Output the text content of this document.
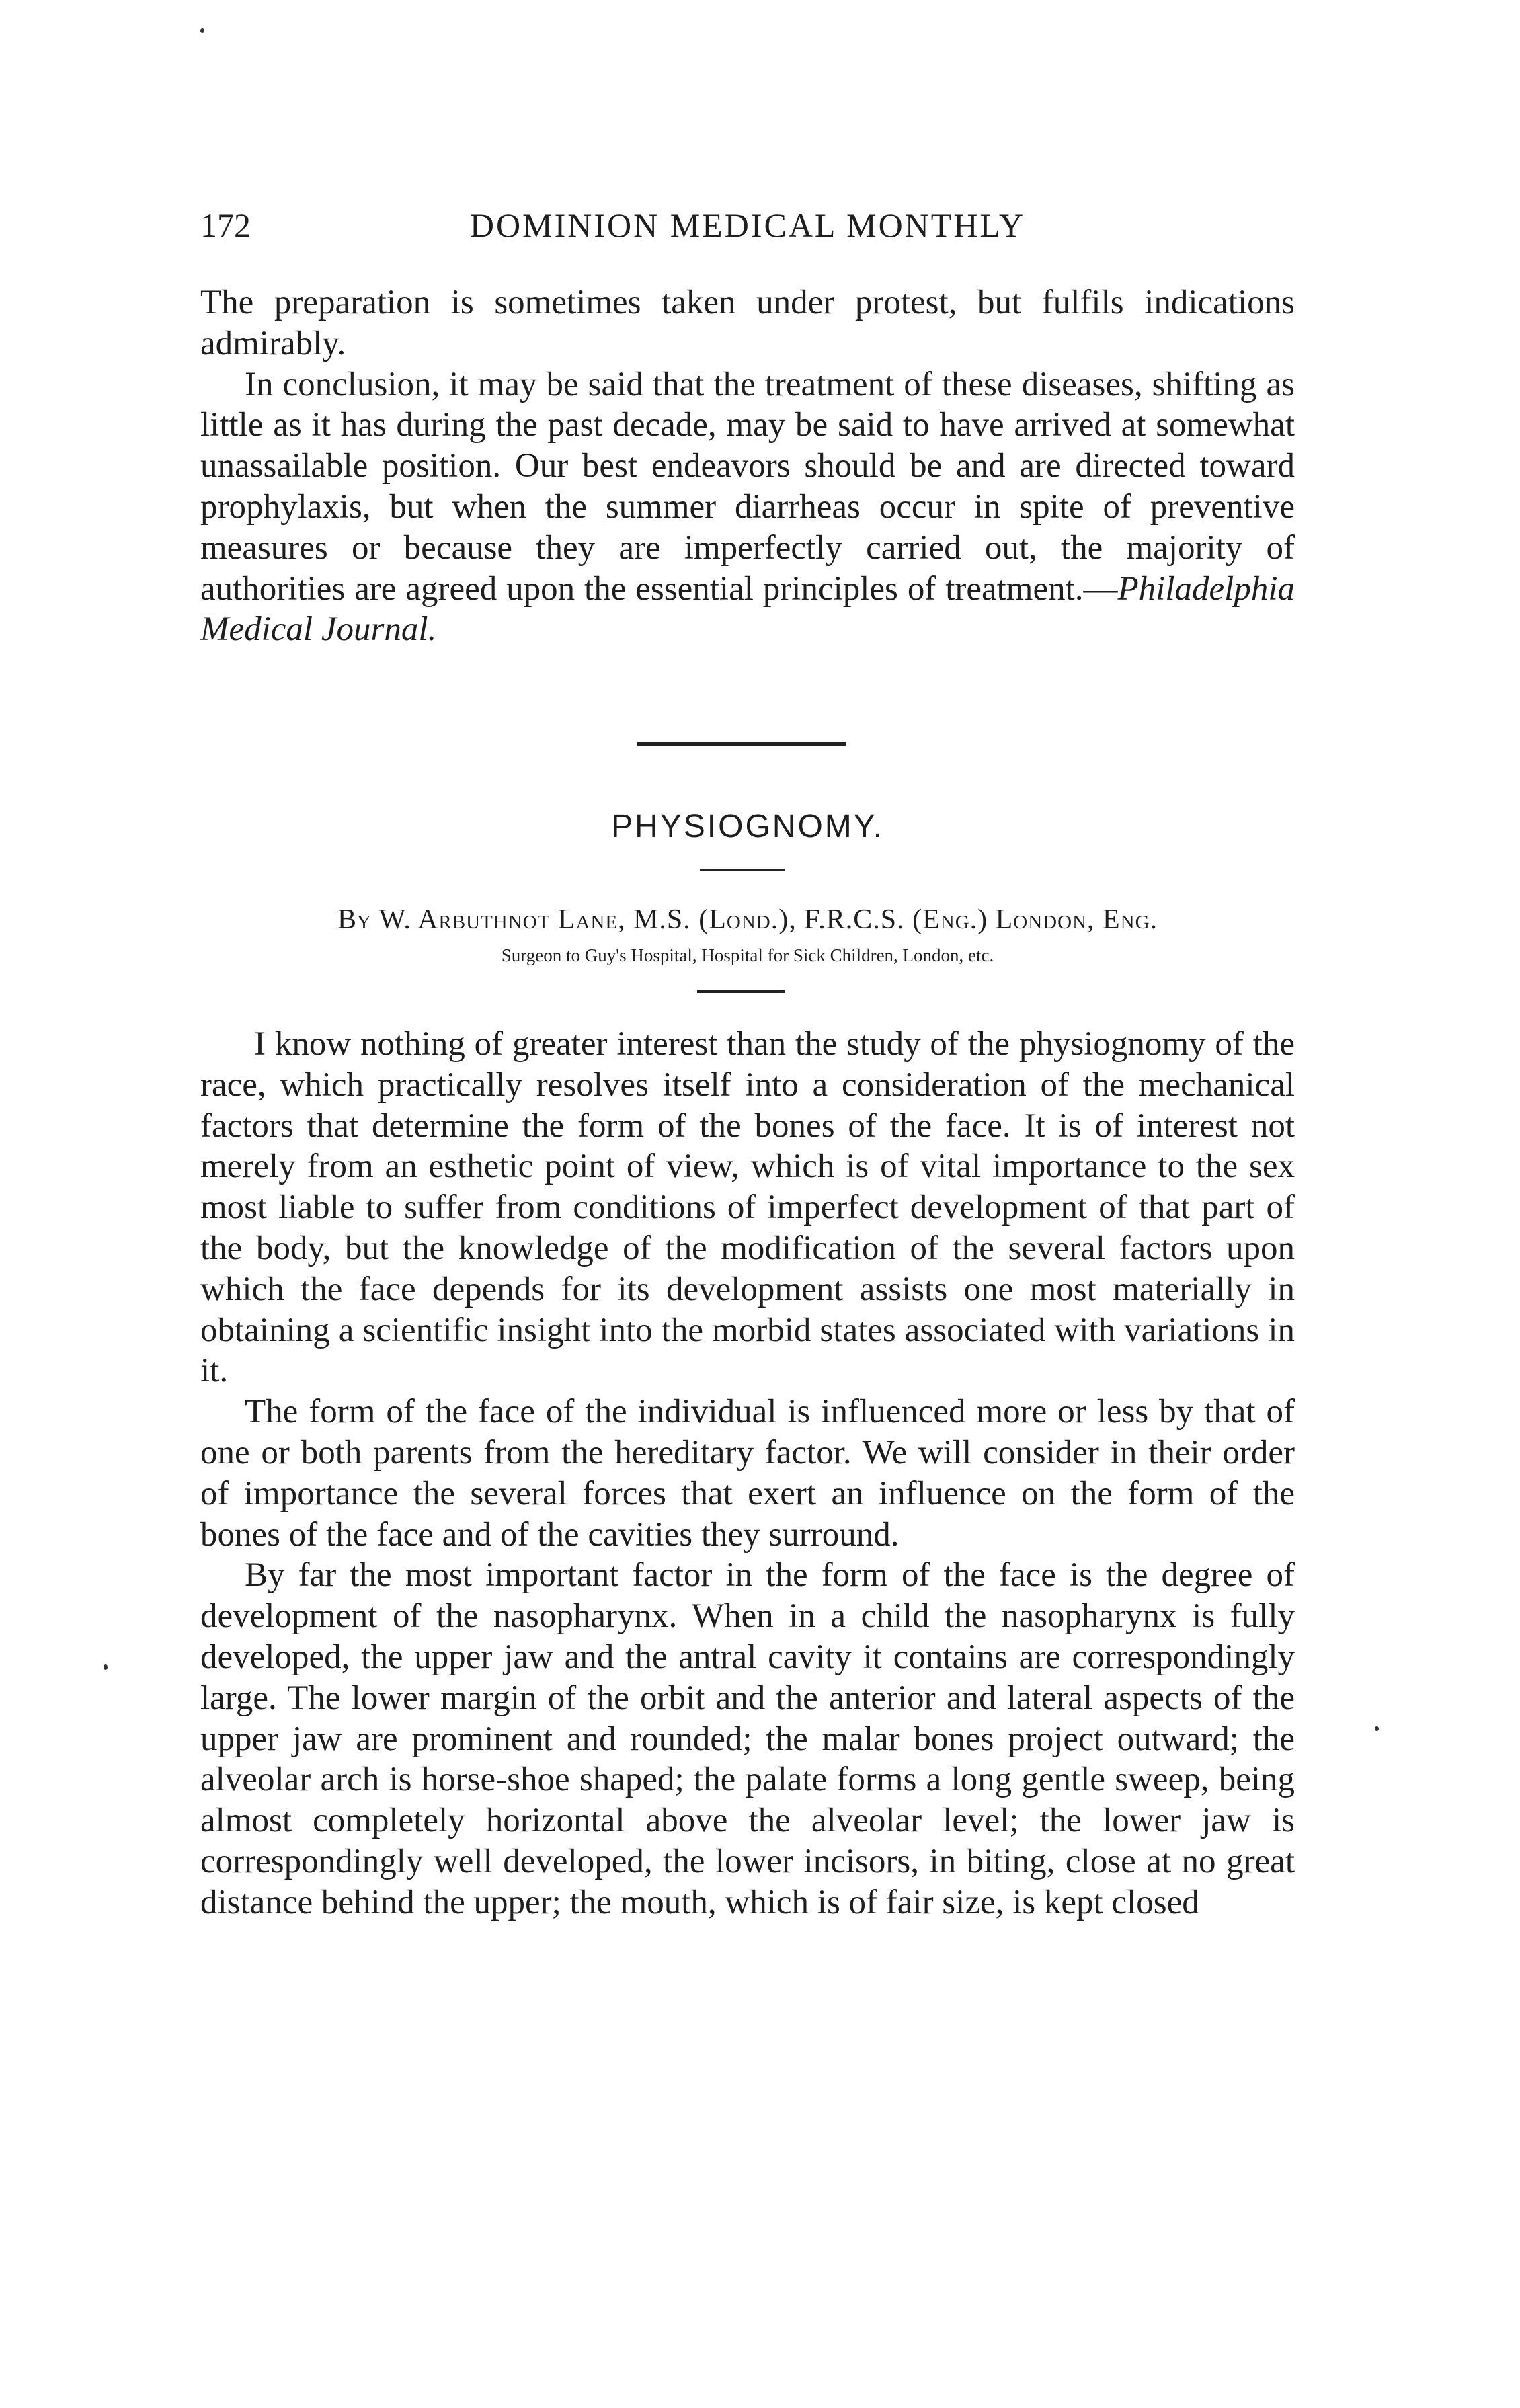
172	DOMINION MEDICAL MONTHLY

The preparation is sometimes taken under protest, but fulfils indications admirably.

In conclusion, it may be said that the treatment of these diseases, shifting as little as it has during the past decade, may be said to have arrived at somewhat unassailable position. Our best endeavors should be and are directed toward prophylaxis, but when the summer diarrheas occur in spite of preventive measures or because they are imperfectly carried out, the majority of authorities are agreed upon the essential principles of treatment.—Philadelphia Medical Journal.

PHYSIOGNOMY.
By W. Arbuthnot Lane, M.S. (Lond.), F.R.C.S. (Eng.) London, Eng.
Surgeon to Guy's Hospital, Hospital for Sick Children, London, etc.

I know nothing of greater interest than the study of the physiognomy of the race, which practically resolves itself into a consideration of the mechanical factors that determine the form of the bones of the face. It is of interest not merely from an esthetic point of view, which is of vital importance to the sex most liable to suffer from conditions of imperfect development of that part of the body, but the knowledge of the modification of the several factors upon which the face depends for its development assists one most materially in obtaining a scientific insight into the morbid states associated with variations in it.

The form of the face of the individual is influenced more or less by that of one or both parents from the hereditary factor. We will consider in their order of importance the several forces that exert an influence on the form of the bones of the face and of the cavities they surround.

By far the most important factor in the form of the face is the degree of development of the nasopharynx. When in a child the nasopharynx is fully developed, the upper jaw and the antral cavity it contains are correspondingly large. The lower margin of the orbit and the anterior and lateral aspects of the upper jaw are prominent and rounded; the malar bones project outward; the alveolar arch is horse-shoe shaped; the palate forms a long gentle sweep, being almost completely horizontal above the alveolar level; the lower jaw is correspondingly well developed, the lower incisors, in biting, close at no great distance behind the upper; the mouth, which is of fair size, is kept closed
